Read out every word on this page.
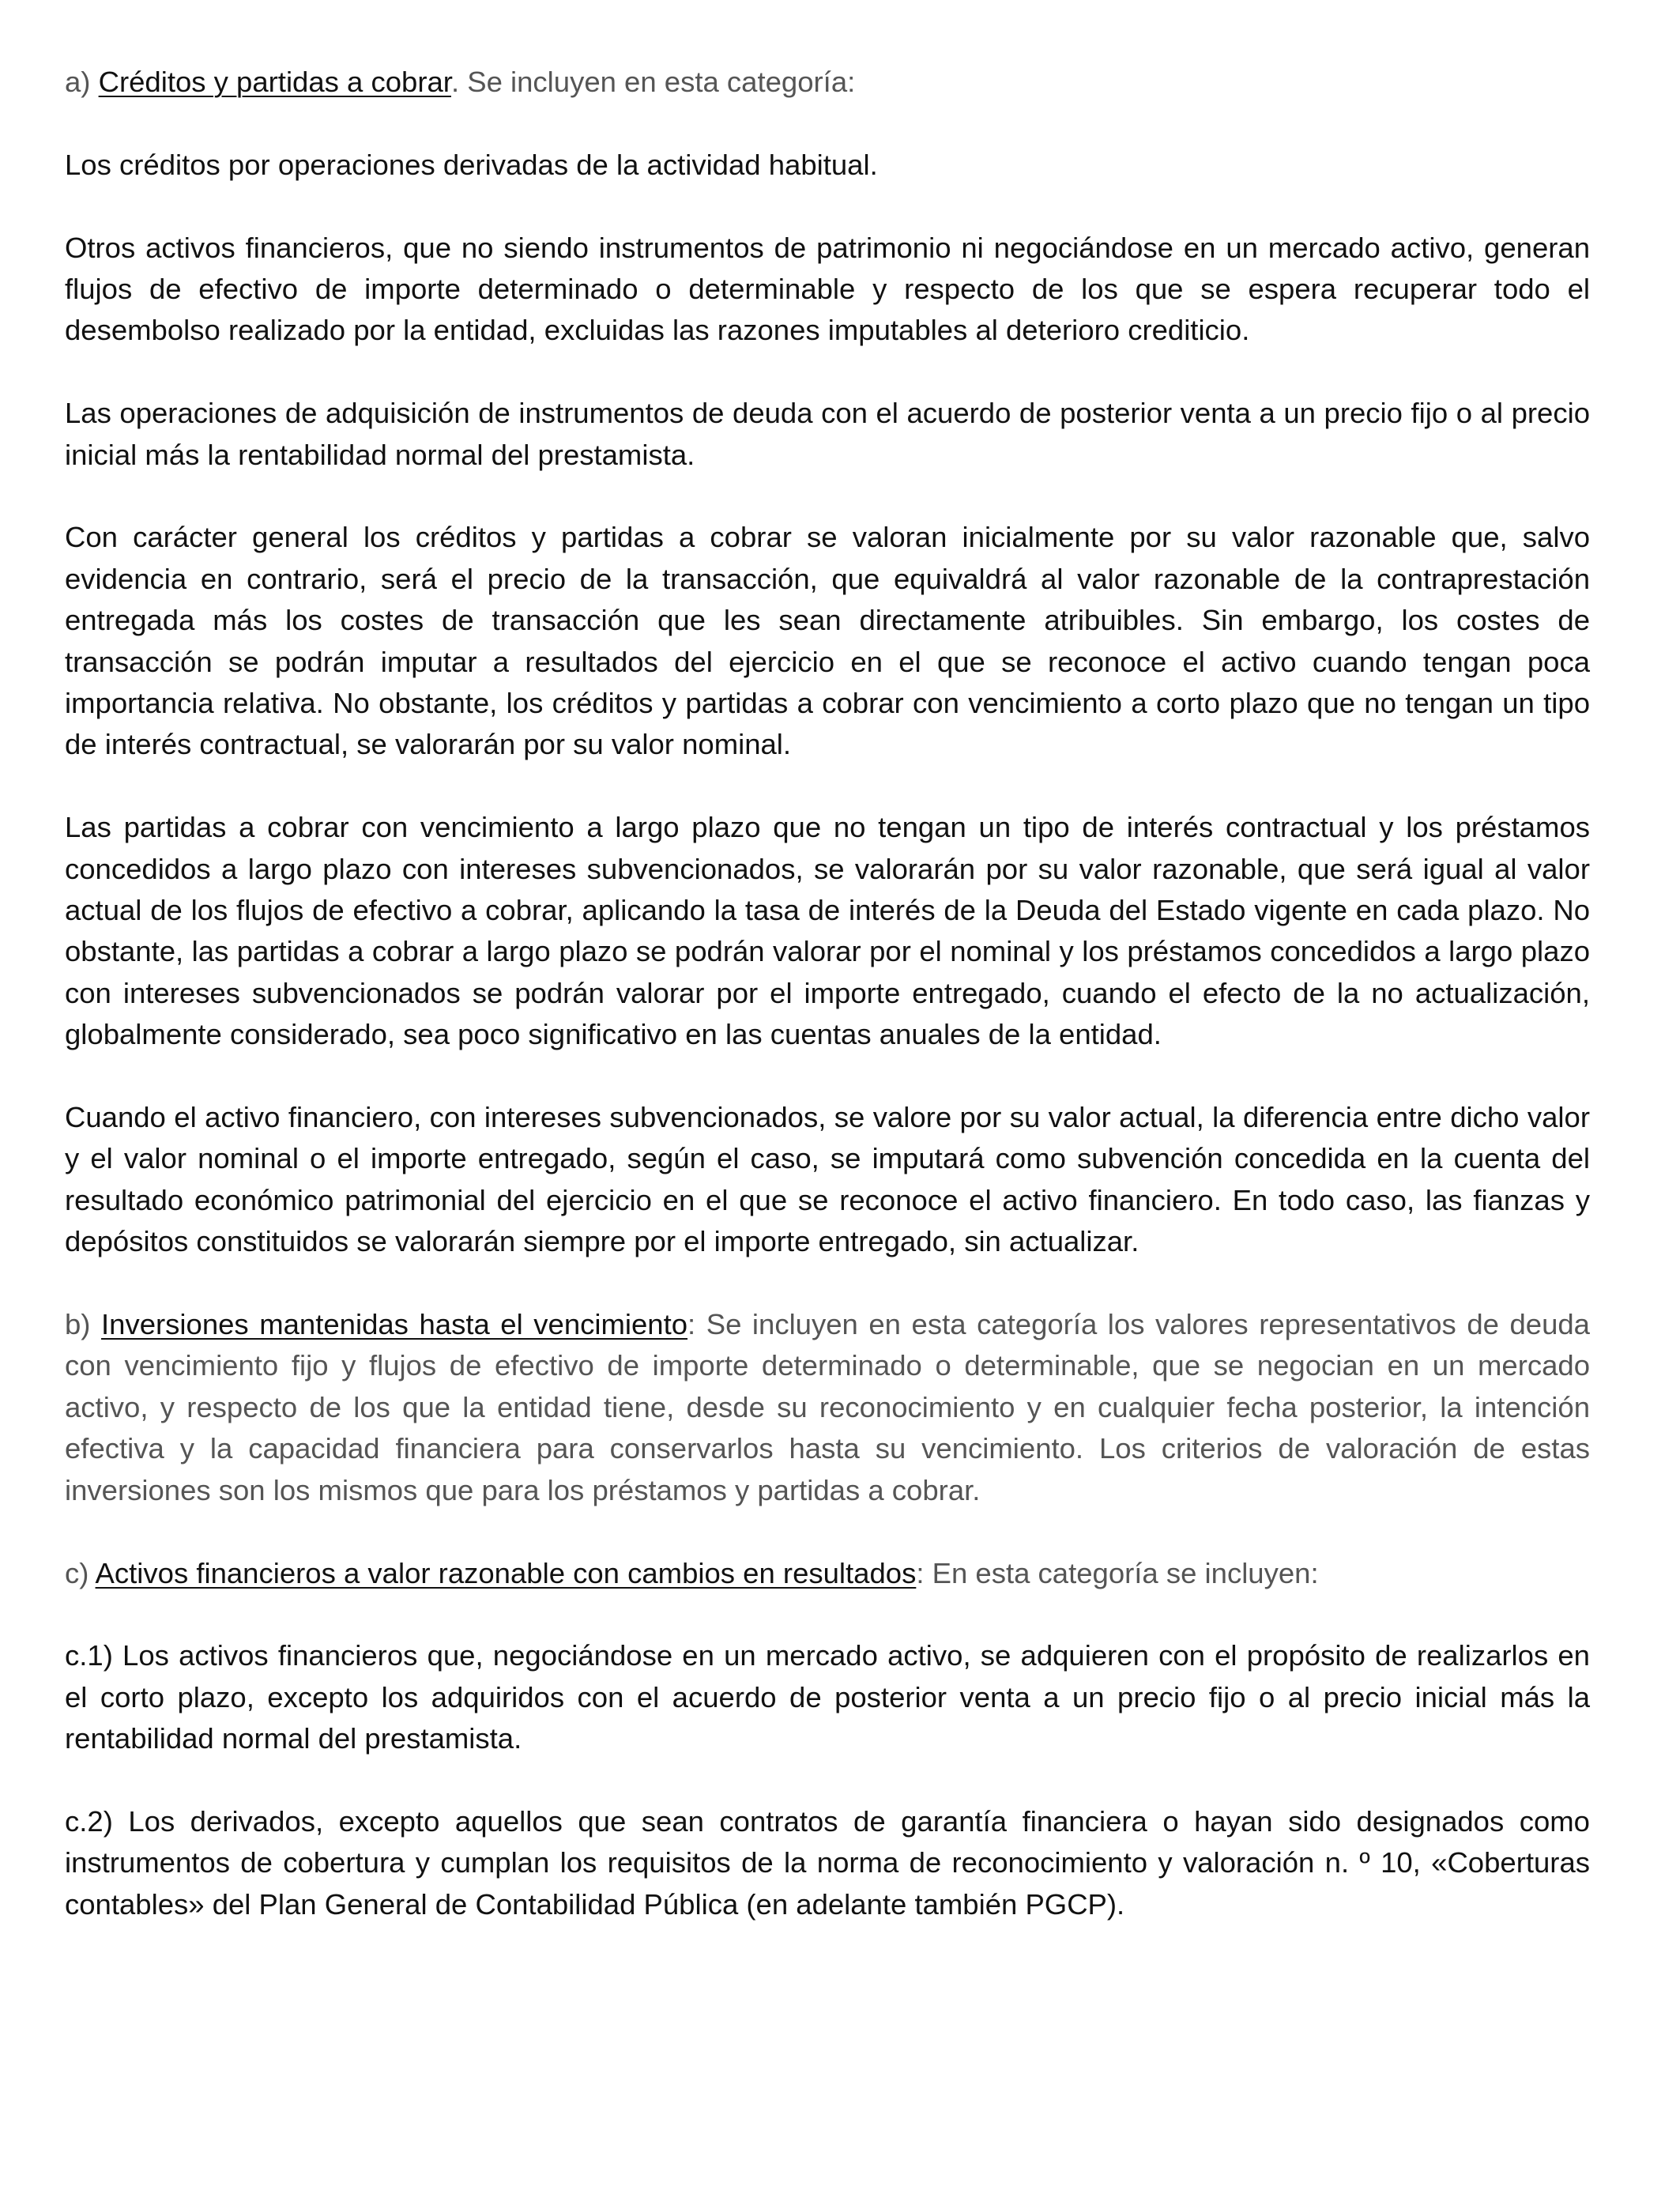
a) Créditos y partidas a cobrar. Se incluyen en esta categoría:

Los créditos por operaciones derivadas de la actividad habitual.

Otros activos financieros, que no siendo instrumentos de patrimonio ni negociándose en un mercado activo, generan flujos de efectivo de importe determinado o determinable y respecto de los que se espera recuperar todo el desembolso realizado por la entidad, excluidas las razones imputables al deterioro crediticio.

Las operaciones de adquisición de instrumentos de deuda con el acuerdo de posterior venta a un precio fijo o al precio inicial más la rentabilidad normal del prestamista.

Con carácter general los créditos y partidas a cobrar se valoran inicialmente por su valor razonable que, salvo evidencia en contrario, será el precio de la transacción, que equivaldrá al valor razonable de la contraprestación entregada más los costes de transacción que les sean directamente atribuibles. Sin embargo, los costes de transacción se podrán imputar a resultados del ejercicio en el que se reconoce el activo cuando tengan poca importancia relativa. No obstante, los créditos y partidas a cobrar con vencimiento a corto plazo que no tengan un tipo de interés contractual, se valorarán por su valor nominal.

Las partidas a cobrar con vencimiento a largo plazo que no tengan un tipo de interés contractual y los préstamos concedidos a largo plazo con intereses subvencionados, se valorarán por su valor razonable, que será igual al valor actual de los flujos de efectivo a cobrar, aplicando la tasa de interés de la Deuda del Estado vigente en cada plazo. No obstante, las partidas a cobrar a largo plazo se podrán valorar por el nominal y los préstamos concedidos a largo plazo con intereses subvencionados se podrán valorar por el importe entregado, cuando el efecto de la no actualización, globalmente considerado, sea poco significativo en las cuentas anuales de la entidad.

Cuando el activo financiero, con intereses subvencionados, se valore por su valor actual, la diferencia entre dicho valor y el valor nominal o el importe entregado, según el caso, se imputará como subvención concedida en la cuenta del resultado económico patrimonial del ejercicio en el que se reconoce el activo financiero. En todo caso, las fianzas y depósitos constituidos se valorarán siempre por el importe entregado, sin actualizar.

b) Inversiones mantenidas hasta el vencimiento: Se incluyen en esta categoría los valores representativos de deuda con vencimiento fijo y flujos de efectivo de importe determinado o determinable, que se negocian en un mercado activo, y respecto de los que la entidad tiene, desde su reconocimiento y en cualquier fecha posterior, la intención efectiva y la capacidad financiera para conservarlos hasta su vencimiento. Los criterios de valoración de estas inversiones son los mismos que para los préstamos y partidas a cobrar.

c) Activos financieros a valor razonable con cambios en resultados: En esta categoría se incluyen:

c.1) Los activos financieros que, negociándose en un mercado activo, se adquieren con el propósito de realizarlos en el corto plazo, excepto los adquiridos con el acuerdo de posterior venta a un precio fijo o al precio inicial más la rentabilidad normal del prestamista.

c.2) Los derivados, excepto aquellos que sean contratos de garantía financiera o hayan sido designados como instrumentos de cobertura y cumplan los requisitos de la norma de reconocimiento y valoración n. º 10, «Coberturas contables» del Plan General de Contabilidad Pública (en adelante también PGCP).
